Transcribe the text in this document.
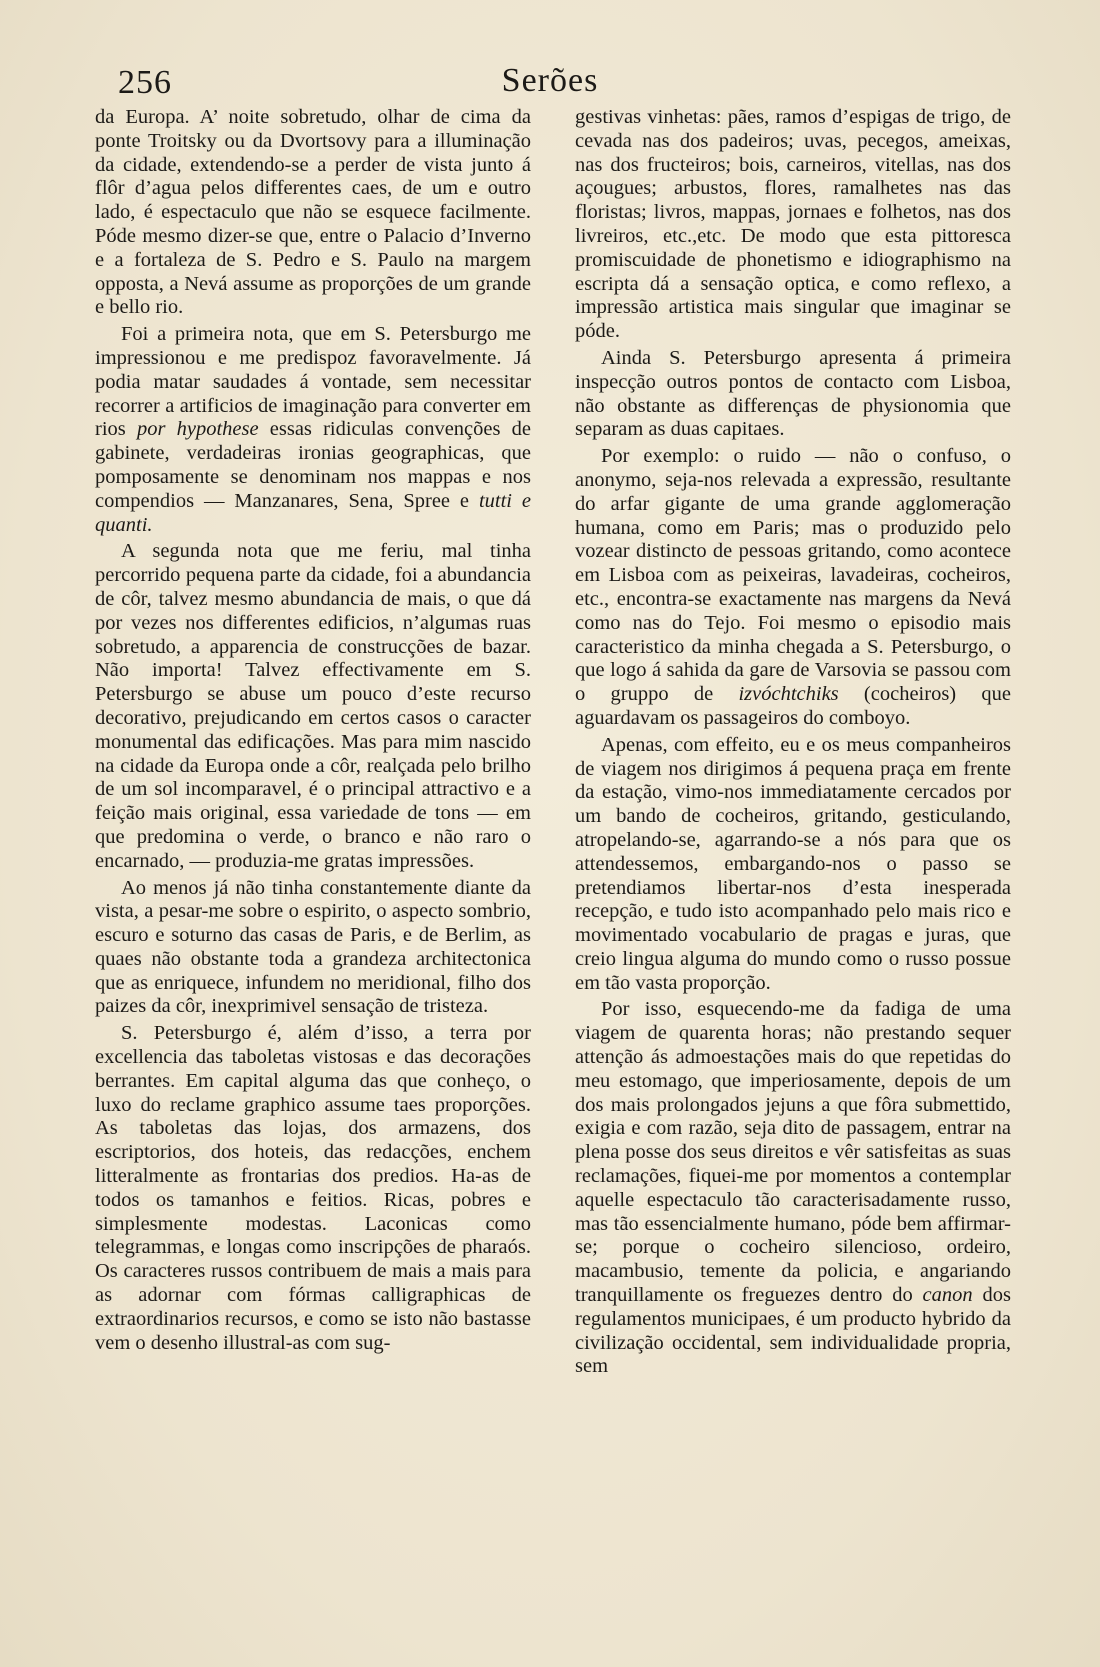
256	Serões

da Europa. A’ noite sobretudo, olhar de cima da ponte Troitsky ou da Dvortsovy para a illuminação da cidade, extendendo-se a perder de vista junto á flôr d’agua pelos differentes caes, de um e outro lado, é espectaculo que não se esquece facilmente. Póde mesmo dizer-se que, entre o Palacio d’Inverno e a fortaleza de S. Pedro e S. Paulo na margem opposta, a Nevá assume as proporções de um grande e bello rio.

Foi a primeira nota, que em S. Petersburgo me impressionou e me predispoz favoravelmente. Já podia matar saudades á vontade, sem necessitar recorrer a artificios de imaginação para converter em rios por hypothese essas ridiculas convenções de gabinete, verdadeiras ironias geographicas, que pomposamente se denominam nos mappas e nos compendios — Manzanares, Sena, Spree e tutti e quanti.

A segunda nota que me feriu, mal tinha percorrido pequena parte da cidade, foi a abundancia de côr, talvez mesmo abundancia de mais, o que dá por vezes nos differentes edificios, n’algumas ruas sobretudo, a apparencia de construcções de bazar. Não importa! Talvez effectivamente em S. Petersburgo se abuse um pouco d’este recurso decorativo, prejudicando em certos casos o caracter monumental das edificações. Mas para mim nascido na cidade da Europa onde a côr, realçada pelo brilho de um sol incomparavel, é o principal attractivo e a feição mais original, essa variedade de tons — em que predomina o verde, o branco e não raro o encarnado, — produzia-me gratas impressões.

Ao menos já não tinha constantemente diante da vista, a pesar-me sobre o espirito, o aspecto sombrio, escuro e soturno das casas de Paris, e de Berlim, as quaes não obstante toda a grandeza architectonica que as enriquece, infundem no meridional, filho dos paizes da côr, inexprimivel sensação de tristeza.

S. Petersburgo é, além d’isso, a terra por excellencia das taboletas vistosas e das decorações berrantes. Em capital alguma das que conheço, o luxo do reclame graphico assume taes proporções. As taboletas das lojas, dos armazens, dos escriptorios, dos hoteis, das redacções, enchem litteralmente as frontarias dos predios. Ha-as de todos os tamanhos e feitios. Ricas, pobres e simplesmente modestas. Laconicas como telegrammas, e longas como inscripções de pharaós. Os caracteres russos contribuem de mais a mais para as adornar com fórmas calligraphicas de extraordinarios recursos, e como se isto não bastasse vem o desenho illustral-as com sug-

gestivas vinhetas: pães, ramos d’espigas de trigo, de cevada nas dos padeiros; uvas, pecegos, ameixas, nas dos fructeiros; bois, carneiros, vitellas, nas dos açougues; arbustos, flores, ramalhetes nas das floristas; livros, mappas, jornaes e folhetos, nas dos livreiros, etc.,etc. De modo que esta pittoresca promiscuidade de phonetismo e idiographismo na escripta dá a sensação optica, e como reflexo, a impressão artistica mais singular que imaginar se póde.

Ainda S. Petersburgo apresenta á primeira inspecção outros pontos de contacto com Lisboa, não obstante as differenças de physionomia que separam as duas capitaes.

Por exemplo: o ruido — não o confuso, o anonymo, seja-nos relevada a expressão, resultante do arfar gigante de uma grande agglomeração humana, como em Paris; mas o produzido pelo vozear distincto de pessoas gritando, como acontece em Lisboa com as peixeiras, lavadeiras, cocheiros, etc., encontra-se exactamente nas margens da Nevá como nas do Tejo. Foi mesmo o episodio mais caracteristico da minha chegada a S. Petersburgo, o que logo á sahida da gare de Varsovia se passou com o gruppo de izvóchtchiks (cocheiros) que aguardavam os passageiros do comboyo.

Apenas, com effeito, eu e os meus companheiros de viagem nos dirigimos á pequena praça em frente da estação, vimo-nos immediatamente cercados por um bando de cocheiros, gritando, gesticulando, atropelando-se, agarrando-se a nós para que os attendessemos, embargando-nos o passo se pretendiamos libertar-nos d’esta inesperada recepção, e tudo isto acompanhado pelo mais rico e movimentado vocabulario de pragas e juras, que creio lingua alguma do mundo como o russo possue em tão vasta proporção.

Por isso, esquecendo-me da fadiga de uma viagem de quarenta horas; não prestando sequer attenção ás admoestações mais do que repetidas do meu estomago, que imperiosamente, depois de um dos mais prolongados jejuns a que fôra submettido, exigia e com razão, seja dito de passagem, entrar na plena posse dos seus direitos e vêr satisfeitas as suas reclamações, fiquei-me por momentos a contemplar aquelle espectaculo tão caracterisadamente russo, mas tão essencialmente humano, póde bem affirmar-se; porque o cocheiro silencioso, ordeiro, macambusio, temente da policia, e angariando tranquillamente os freguezes dentro do canon dos regulamentos municipaes, é um producto hybrido da civilização occidental, sem individualidade propria, sem
